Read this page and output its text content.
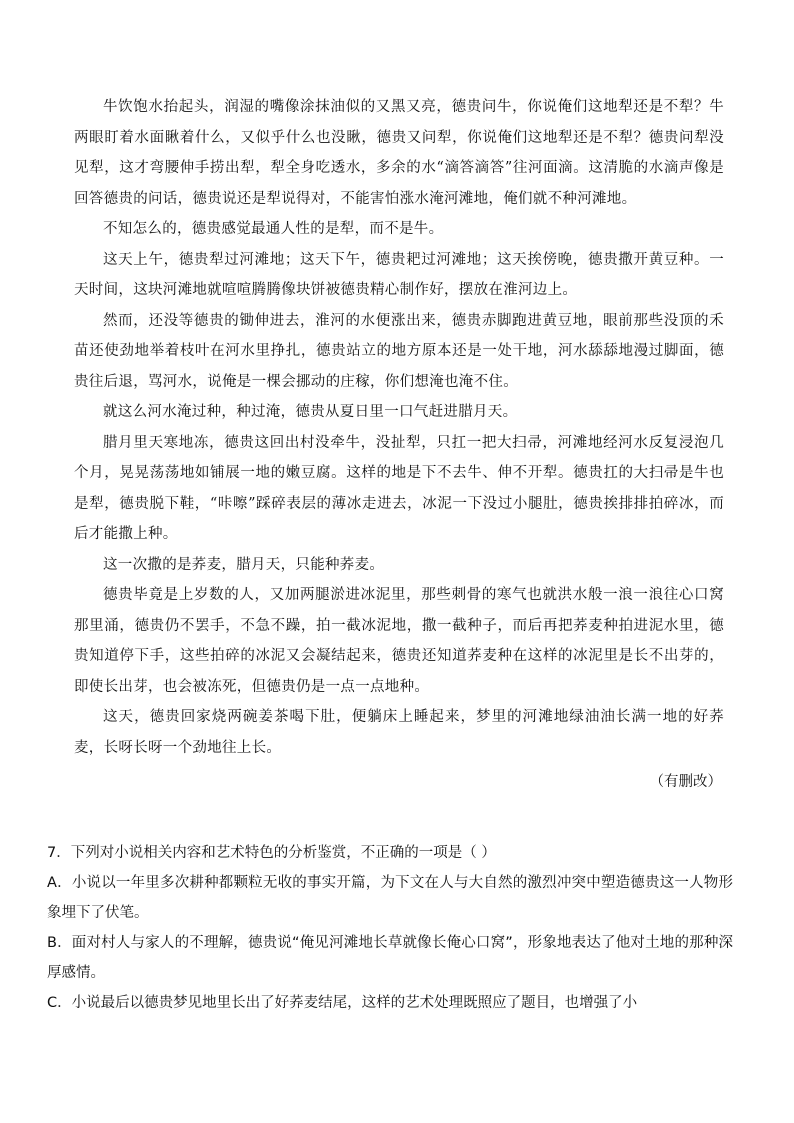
牛饮饱水抬起头，润湿的嘴像涂抹油似的又黑又亮，德贵问牛，你说俺们这地犁还是不犁？牛两眼盯着水面瞅着什么，又似乎什么也没瞅，德贵又问犁，你说俺们这地犁还是不犁？德贵问犁没见犁，这才弯腰伸手捞出犁，犁全身吃透水，多余的水“滴答滴答”往河面滴。这清脆的水滴声像是回答德贵的问话，德贵说还是犁说得对，不能害怕涨水淹河滩地，俺们就不种河滩地。

不知怎么的，德贵感觉最通人性的是犁，而不是牛。

这天上午，德贵犁过河滩地；这天下午，德贵耙过河滩地；这天挨傍晚，德贵撒开黄豆种。一天时间，这块河滩地就喧喧腾腾像块饼被德贵精心制作好，摆放在淮河边上。

然而，还没等德贵的锄伸进去，淮河的水便涨出来，德贵赤脚跑进黄豆地，眼前那些没顶的禾苗还使劲地举着枝叶在河水里挣扎，德贵站立的地方原本还是一处干地，河水舔舔地漫过脚面，德贵往后退，骂河水，说俺是一棵会挪动的庄稼，你们想淹也淹不住。

就这么河水淹过种，种过淹，德贵从夏日里一口气赶进腊月天。

腊月里天寒地冻，德贵这回出村没牵牛，没扯犁，只扛一把大扫帚，河滩地经河水反复浸泡几个月，晃晃荡荡地如铺展一地的嫩豆腐。这样的地是下不去牛、伸不开犁。德贵扛的大扫帚是牛也是犁，德贵脱下鞋，“咔嚓”踩碎表层的薄冰走进去，冰泥一下没过小腿肚，德贵挨排排拍碎冰，而后才能撒上种。

这一次撒的是荞麦，腊月天，只能种荞麦。

德贵毕竟是上岁数的人，又加两腿淤进冰泥里，那些刺骨的寒气也就洪水般一浪一浪往心口窝那里涌，德贵仍不罢手，不急不躁，拍一截冰泥地，撒一截种子，而后再把荞麦种拍进泥水里，德贵知道停下手，这些拍碎的冰泥又会凝结起来，德贵还知道荞麦种在这样的冰泥里是长不出芽的，即使长出芽，也会被冻死，但德贵仍是一点一点地种。

这天，德贵回家烧两碗姜茶喝下肚，便躺床上睡起来，梦里的河滩地绿油油长满一地的好荞麦，长呀长呀一个劲地往上长。

（有删改）

7．下列对小说相关内容和艺术特色的分析鉴赏，不正确的一项是（ ）

A．小说以一年里多次耕种都颗粒无收的事实开篇，为下文在人与大自然的激烈冲突中塑造德贵这一人物形象埋下了伏笔。

B．面对村人与家人的不理解，德贵说“俺见河滩地长草就像长俺心口窝”，形象地表达了他对土地的那种深厚感情。

C．小说最后以德贵梦见地里长出了好荞麦结尾，这样的艺术处理既照应了题目，也增强了小
